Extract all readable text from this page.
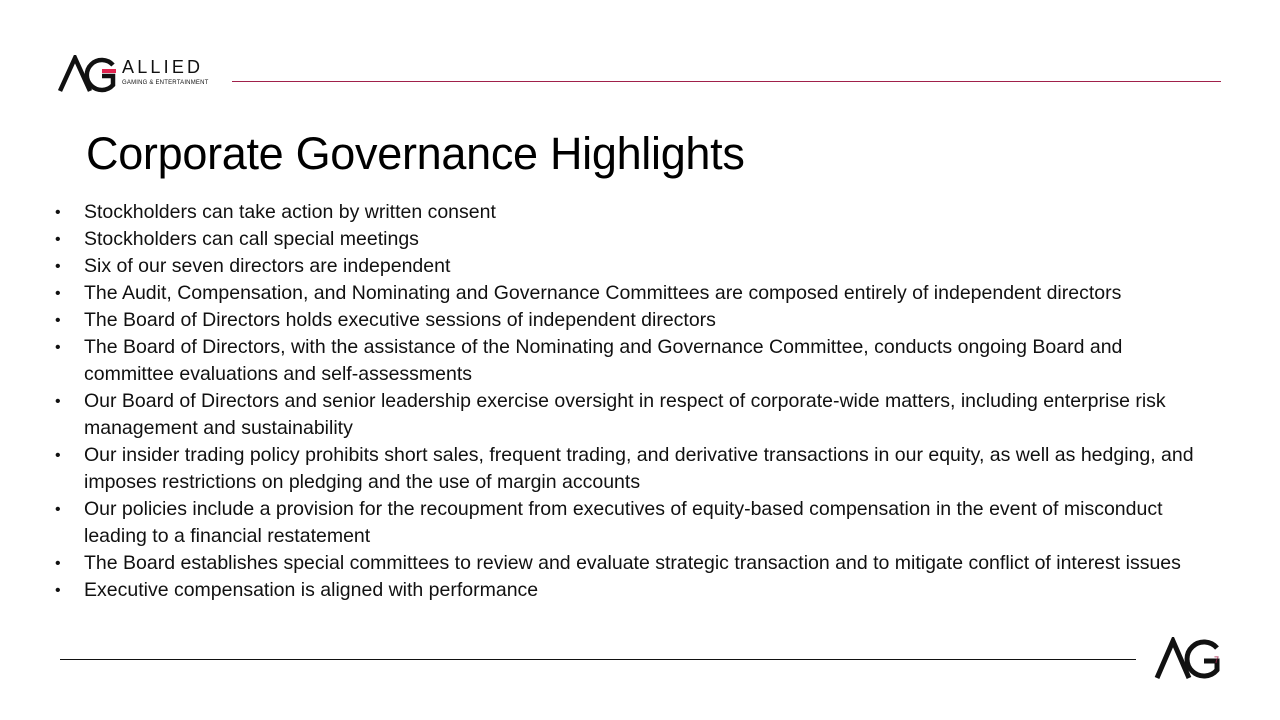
ALLIED
GAMING & ENTERTAINMENT
Corporate Governance Highlights
• Stockholders can take action by written consent
• Stockholders can call special meetings
• Six of our seven directors are independent
• The Audit, Compensation, and Nominating and Governance Committees are composed entirely of independent directors
• The Board of Directors holds executive sessions of independent directors
• The Board of Directors, with the assistance of the Nominating and Governance Committee, conducts ongoing Board and committee evaluations and self-assessments
• Our Board of Directors and senior leadership exercise oversight in respect of corporate-wide matters, including enterprise risk management and sustainability
• Our insider trading policy prohibits short sales, frequent trading, and derivative transactions in our equity, as well as hedging, and imposes restrictions on pledging and the use of margin accounts
• Our policies include a provision for the recoupment from executives of equity-based compensation in the event of misconduct leading to a financial restatement
• The Board establishes special committees to review and evaluate strategic transaction and to mitigate conflict of interest issues
• Executive compensation is aligned with performance
7
